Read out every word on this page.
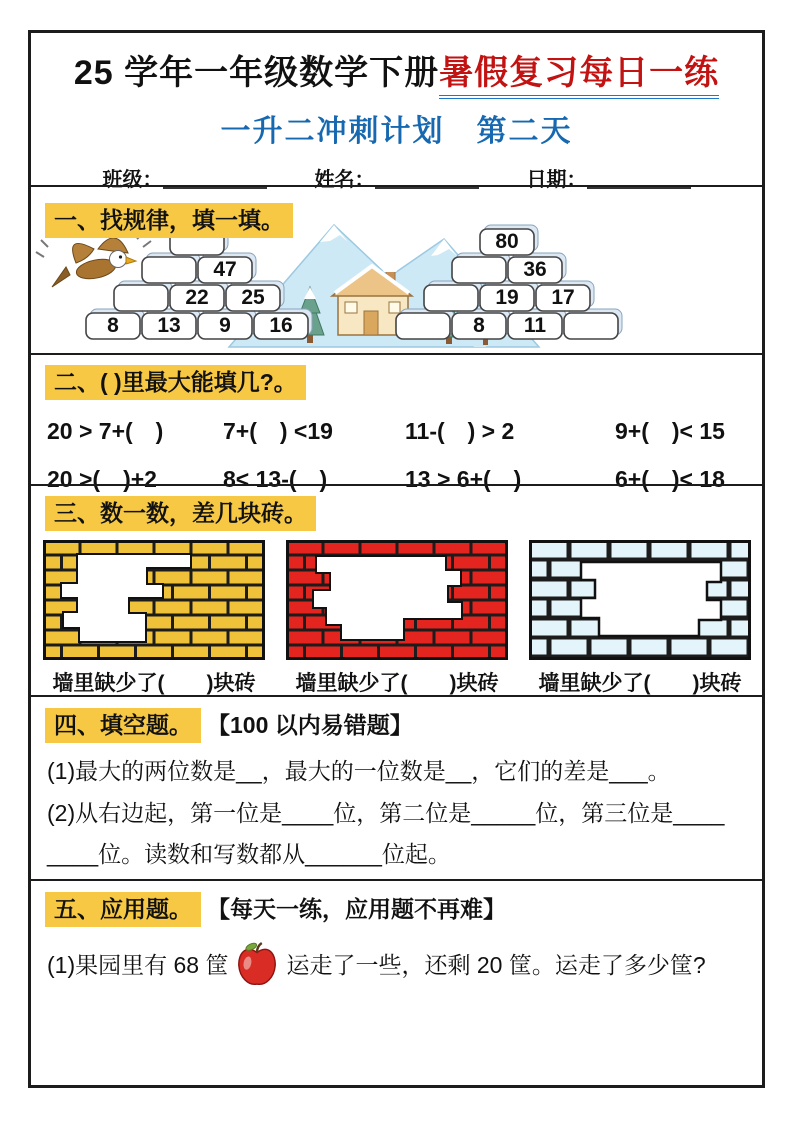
25 学年一年级数学下册暑假复习每日一练
一升二冲刺计划　第二天
班级：	姓名：	日期：
一、找规律，填一填。
47
22 25
8 13 9 16
80
36
19 17
8 11
二、( )里最大能填几?。
20 > 7+(　)	7+(　) <19	11-(　) > 2	9+(　)< 15
20 >(　)+2	8< 13-(　)	13 > 6+(　)	6+(　)< 18
三、数一数，差几块砖。
墙里缺少了(　　)块砖 墙里缺少了(　　)块砖 墙里缺少了(　　)块砖
四、填空题。 【100 以内易错题】
(1)最大的两位数是__，最大的一位数是__，它们的差是___。
(2)从右边起，第一位是____位，第二位是_____位，第三位是____
____位。读数和写数都从______位起。
五、应用题。 【每天一练，应用题不再难】
(1)果园里有 68 筐	运走了一些，还剩 20 筐。运走了多少筐?
